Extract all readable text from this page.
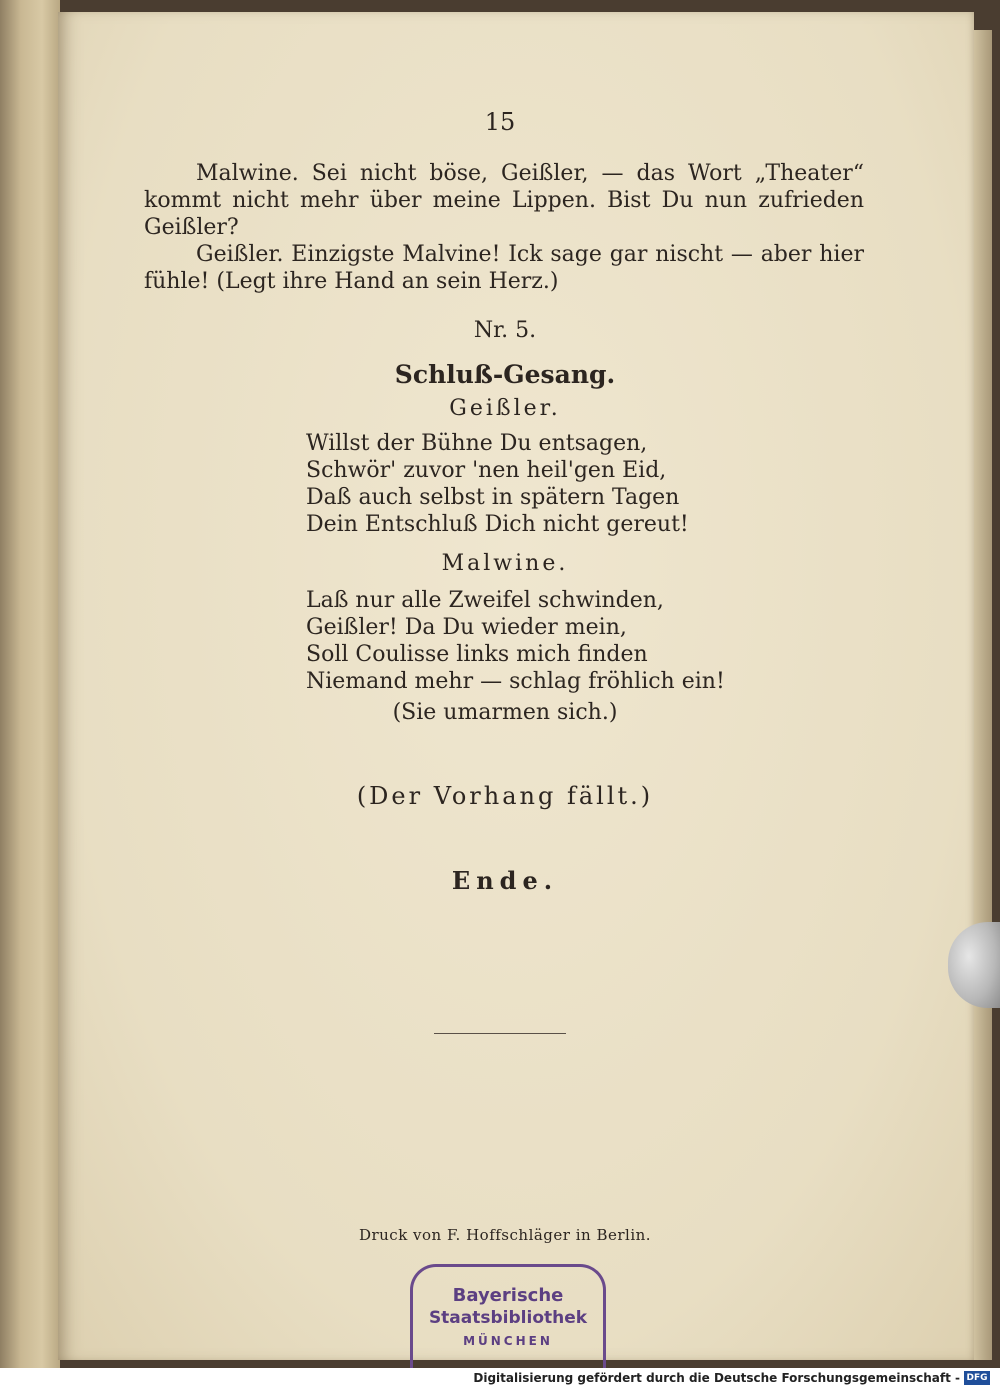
15

Malwine. Sei nicht böse, Geißler, — das Wort „Theater“ kommt nicht mehr über meine Lippen. Bist Du nun zufrieden Geißler?

Geißler. Einzigste Malvine! Ick sage gar nischt — aber hier fühle! (Legt ihre Hand an sein Herz.)

Nr. 5.
Schluß-Gesang.
Geißler.
Willst der Bühne Du entsagen,
Schwör' zuvor 'nen heil'gen Eid,
Daß auch selbst in spätern Tagen
Dein Entschluß Dich nicht gereut!
Malwine.
Laß nur alle Zweifel schwinden,
Geißler! Da Du wieder mein,
Soll Coulisse links mich finden
Niemand mehr — schlag fröhlich ein!
(Sie umarmen sich.)
(Der Vorhang fällt.)
Ende.
Druck von F. Hoffschläger in Berlin.
Bayerische
Staatsbibliothek
MÜNCHEN
Digitalisierung gefördert durch die Deutsche Forschungsgemeinschaft - DFG
